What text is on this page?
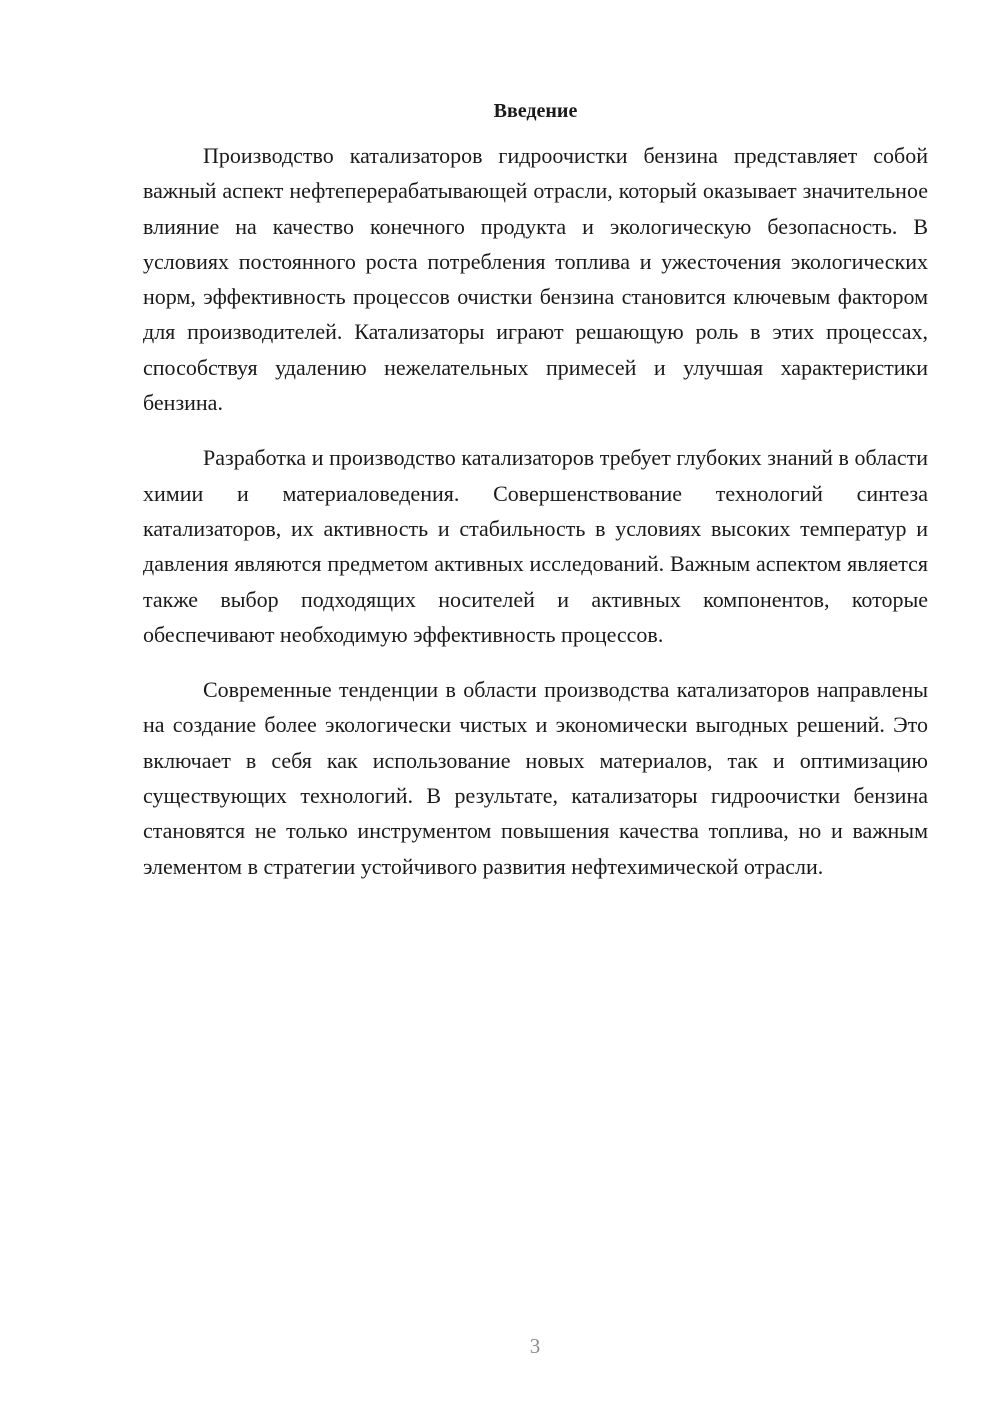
Введение

Производство катализаторов гидроочистки бензина представляет собой важный аспект нефтеперерабатывающей отрасли, который оказывает значительное влияние на качество конечного продукта и экологическую безопасность. В условиях постоянного роста потребления топлива и ужесточения экологических норм, эффективность процессов очистки бензина становится ключевым фактором для производителей. Катализаторы играют решающую роль в этих процессах, способствуя удалению нежелательных примесей и улучшая характеристики бензина.

Разработка и производство катализаторов требует глубоких знаний в области химии и материаловедения. Совершенствование технологий синтеза катализаторов, их активность и стабильность в условиях высоких температур и давления являются предметом активных исследований. Важным аспектом является также выбор подходящих носителей и активных компонентов, которые обеспечивают необходимую эффективность процессов.

Современные тенденции в области производства катализаторов направлены на создание более экологически чистых и экономически выгодных решений. Это включает в себя как использование новых материалов, так и оптимизацию существующих технологий. В результате, катализаторы гидроочистки бензина становятся не только инструментом повышения качества топлива, но и важным элементом в стратегии устойчивого развития нефтехимической отрасли.

3
